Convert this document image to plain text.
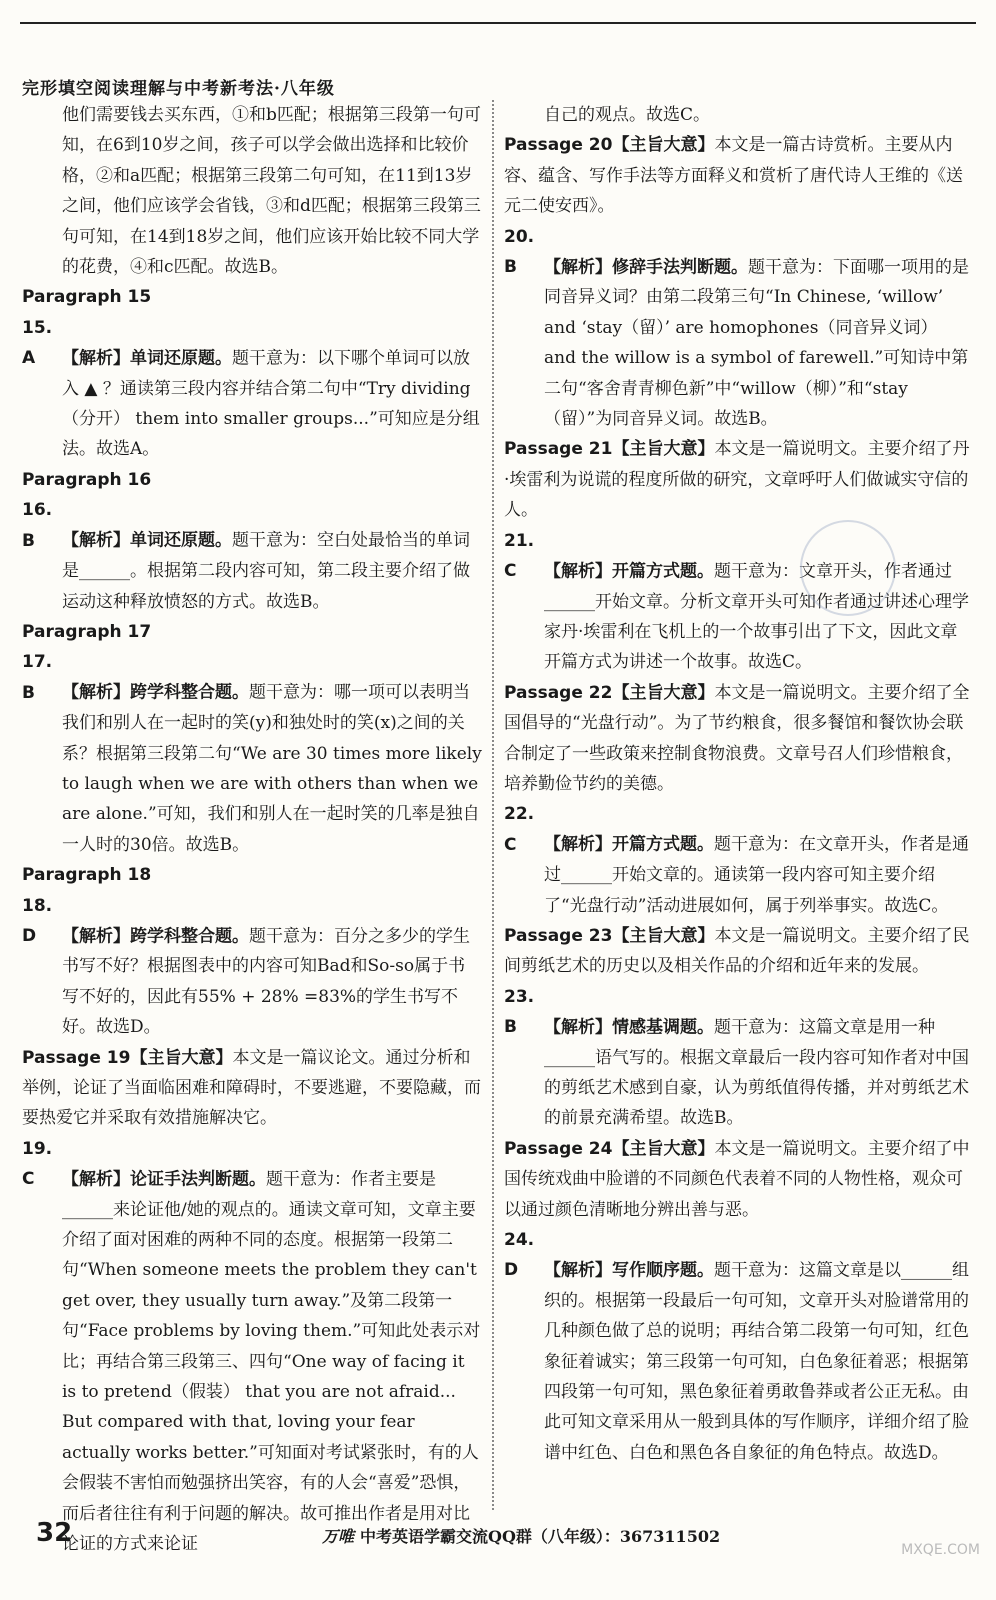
完形填空阅读理解与中考新考法·八年级
他们需要钱去买东西，①和b匹配；根据第三段第一句可知，在6到10岁之间，孩子可以学会做出选择和比较价格，②和a匹配；根据第三段第二句可知，在11到13岁之间，他们应该学会省钱，③和d匹配；根据第三段第三句可知，在14到18岁之间，他们应该开始比较不同大学的花费，④和c匹配。故选B。
Paragraph 15
15. A 【解析】单词还原题。题干意为：以下哪个单词可以放入 ▲ ？通读第三段内容并结合第二句中“Try dividing（分开） them into smaller groups...”可知应是分组法。故选A。
Paragraph 16
16. B 【解析】单词还原题。题干意为：空白处最恰当的单词是______。根据第二段内容可知，第二段主要介绍了做运动这种释放愤怒的方式。故选B。
Paragraph 17
17. B 【解析】跨学科整合题。题干意为：哪一项可以表明当我们和别人在一起时的笑(y)和独处时的笑(x)之间的关系？根据第三段第二句“We are 30 times more likely to laugh when we are with others than when we are alone.”可知，我们和别人在一起时笑的几率是独自一人时的30倍。故选B。
Paragraph 18
18. D 【解析】跨学科整合题。题干意为：百分之多少的学生书写不好？根据图表中的内容可知Bad和So-so属于书写不好的，因此有55% + 28% =83%的学生书写不好。故选D。
Passage 19【主旨大意】本文是一篇议论文。通过分析和举例，论证了当面临困难和障碍时，不要逃避，不要隐藏，而要热爱它并采取有效措施解决它。
19. C 【解析】论证手法判断题。题干意为：作者主要是______来论证他/她的观点的。通读文章可知，文章主要介绍了面对困难的两种不同的态度。根据第一段第二句“When someone meets the problem they can't get over, they usually turn away.”及第二段第一句“Face problems by loving them.”可知此处表示对比；再结合第三段第三、四句“One way of facing it is to pretend（假装） that you are not afraid... But compared with that, loving your fear actually works better.”可知面对考试紧张时，有的人会假装不害怕而勉强挤出笑容，有的人会“喜爱”恐惧，而后者往往有利于问题的解决。故可推出作者是用对比论证的方式来论证
自己的观点。故选C。
Passage 20【主旨大意】本文是一篇古诗赏析。主要从内容、蕴含、写作手法等方面释义和赏析了唐代诗人王维的《送元二使安西》。
20. B 【解析】修辞手法判断题。题干意为：下面哪一项用的是同音异义词？由第二段第三句“In Chinese, ‘willow’ and ‘stay（留）’ are homophones（同音异义词） and the willow is a symbol of farewell.”可知诗中第二句“客舍青青柳色新”中“willow（柳）”和“stay（留）”为同音异义词。故选B。
Passage 21【主旨大意】本文是一篇说明文。主要介绍了丹·埃雷利为说谎的程度所做的研究，文章呼吁人们做诚实守信的人。
21. C 【解析】开篇方式题。题干意为：文章开头，作者通过______开始文章。分析文章开头可知作者通过讲述心理学家丹·埃雷利在飞机上的一个故事引出了下文，因此文章开篇方式为讲述一个故事。故选C。
Passage 22【主旨大意】本文是一篇说明文。主要介绍了全国倡导的“光盘行动”。为了节约粮食，很多餐馆和餐饮协会联合制定了一些政策来控制食物浪费。文章号召人们珍惜粮食，培养勤俭节约的美德。
22. C 【解析】开篇方式题。题干意为：在文章开头，作者是通过______开始文章的。通读第一段内容可知主要介绍了“光盘行动”活动进展如何，属于列举事实。故选C。
Passage 23【主旨大意】本文是一篇说明文。主要介绍了民间剪纸艺术的历史以及相关作品的介绍和近年来的发展。
23. B 【解析】情感基调题。题干意为：这篇文章是用一种______语气写的。根据文章最后一段内容可知作者对中国的剪纸艺术感到自豪，认为剪纸值得传播，并对剪纸艺术的前景充满希望。故选B。
Passage 24【主旨大意】本文是一篇说明文。主要介绍了中国传统戏曲中脸谱的不同颜色代表着不同的人物性格，观众可以通过颜色清晰地分辨出善与恶。
24. D 【解析】写作顺序题。题干意为：这篇文章是以______组织的。根据第一段最后一句可知，文章开头对脸谱常用的几种颜色做了总的说明；再结合第二段第一句可知，红色象征着诚实；第三段第一句可知，白色象征着恶；根据第四段第一句可知，黑色象征着勇敢鲁莽或者公正无私。由此可知文章采用从一般到具体的写作顺序，详细介绍了脸谱中红色、白色和黑色各自象征的角色特点。故选D。
32	万唯 中考英语学霸交流QQ群（八年级）：367311502
MXQE.COM
